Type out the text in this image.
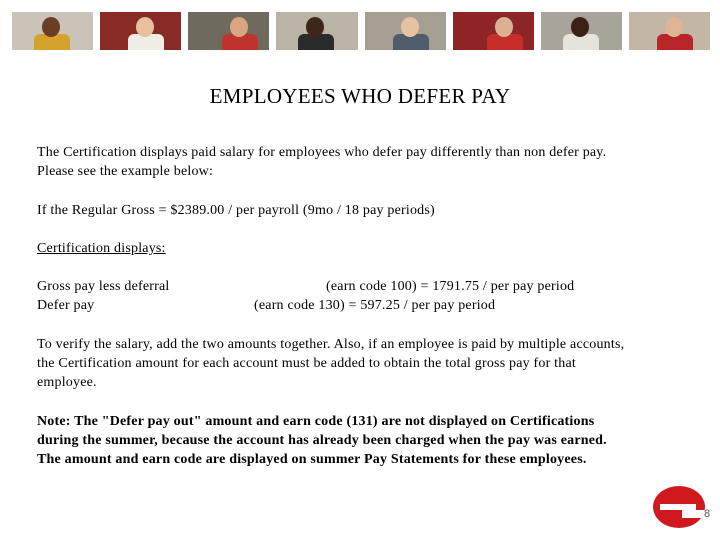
EMPLOYEES WHO DEFER PAY
The Certification displays paid salary for employees who defer pay differently than non defer pay.
Please see the example below:
If the Regular Gross = $2389.00 / per payroll (9mo / 18 pay periods)
Certification displays:
Gross pay less deferral	(earn code 100) = 1791.75 / per pay period
Defer pay	(earn code 130) = 597.25 / per pay period
To verify the salary, add the two amounts together. Also, if an employee is paid by multiple accounts,
the Certification amount for each account must be added to obtain the total gross pay for that
employee.
Note: The "Defer pay out" amount and earn code (131) are not displayed on Certifications
during the summer, because the account has already been charged when the pay was earned.
The amount and earn code are displayed on summer Pay Statements for these employees.
8
